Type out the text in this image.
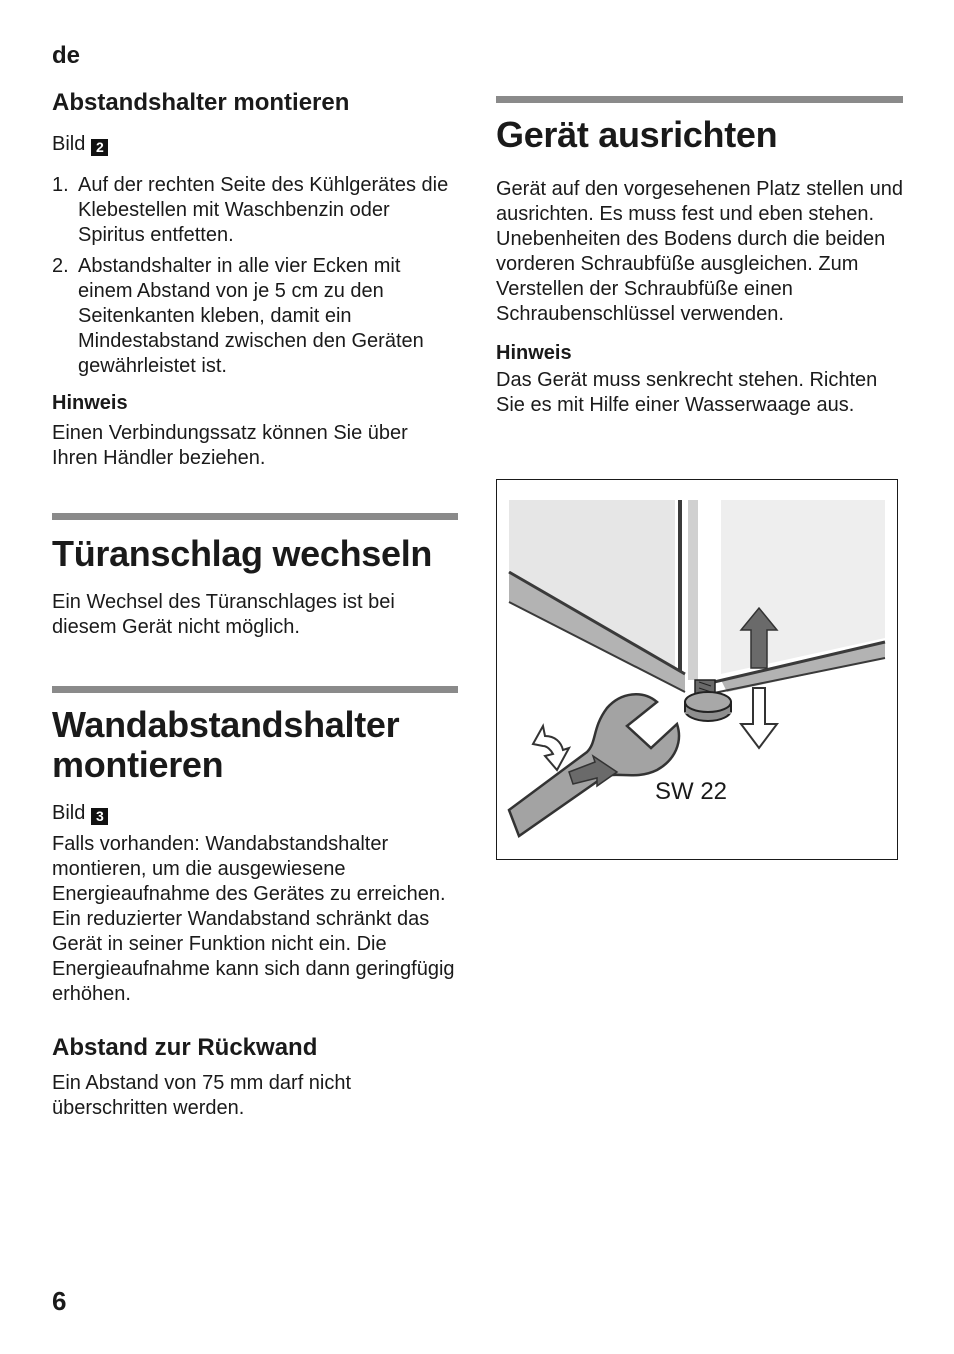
de
Abstandshalter montieren

Bild 2

1. Auf der rechten Seite des Kühlgerätes die Klebestellen mit Waschbenzin oder Spiritus entfetten.
2. Abstandshalter in alle vier Ecken mit einem Abstand von je 5 cm zu den Seitenkanten kleben, damit ein Mindestabstand zwischen den Geräten gewährleistet ist.

Hinweis

Einen Verbindungssatz können Sie über Ihren Händler beziehen.

Türanschlag wechseln

Ein Wechsel des Türanschlages ist bei diesem Gerät nicht möglich.

Wandabstandshalter montieren

Bild 3

Falls vorhanden: Wandabstandshalter montieren, um die ausgewiesene Energieaufnahme des Gerätes zu erreichen. Ein reduzierter Wandabstand schränkt das Gerät in seiner Funktion nicht ein. Die Energieaufnahme kann sich dann geringfügig erhöhen.

Abstand zur Rückwand

Ein Abstand von 75 mm darf nicht überschritten werden.

Gerät ausrichten

Gerät auf den vorgesehenen Platz stellen und ausrichten. Es muss fest und eben stehen. Unebenheiten des Bodens durch die beiden vorderen Schraubfüße ausgleichen. Zum Verstellen der Schraubfüße einen Schraubenschlüssel verwenden.

Hinweis

Das Gerät muss senkrecht stehen. Richten Sie es mit Hilfe einer Wasserwaage aus.

SW 22
6
